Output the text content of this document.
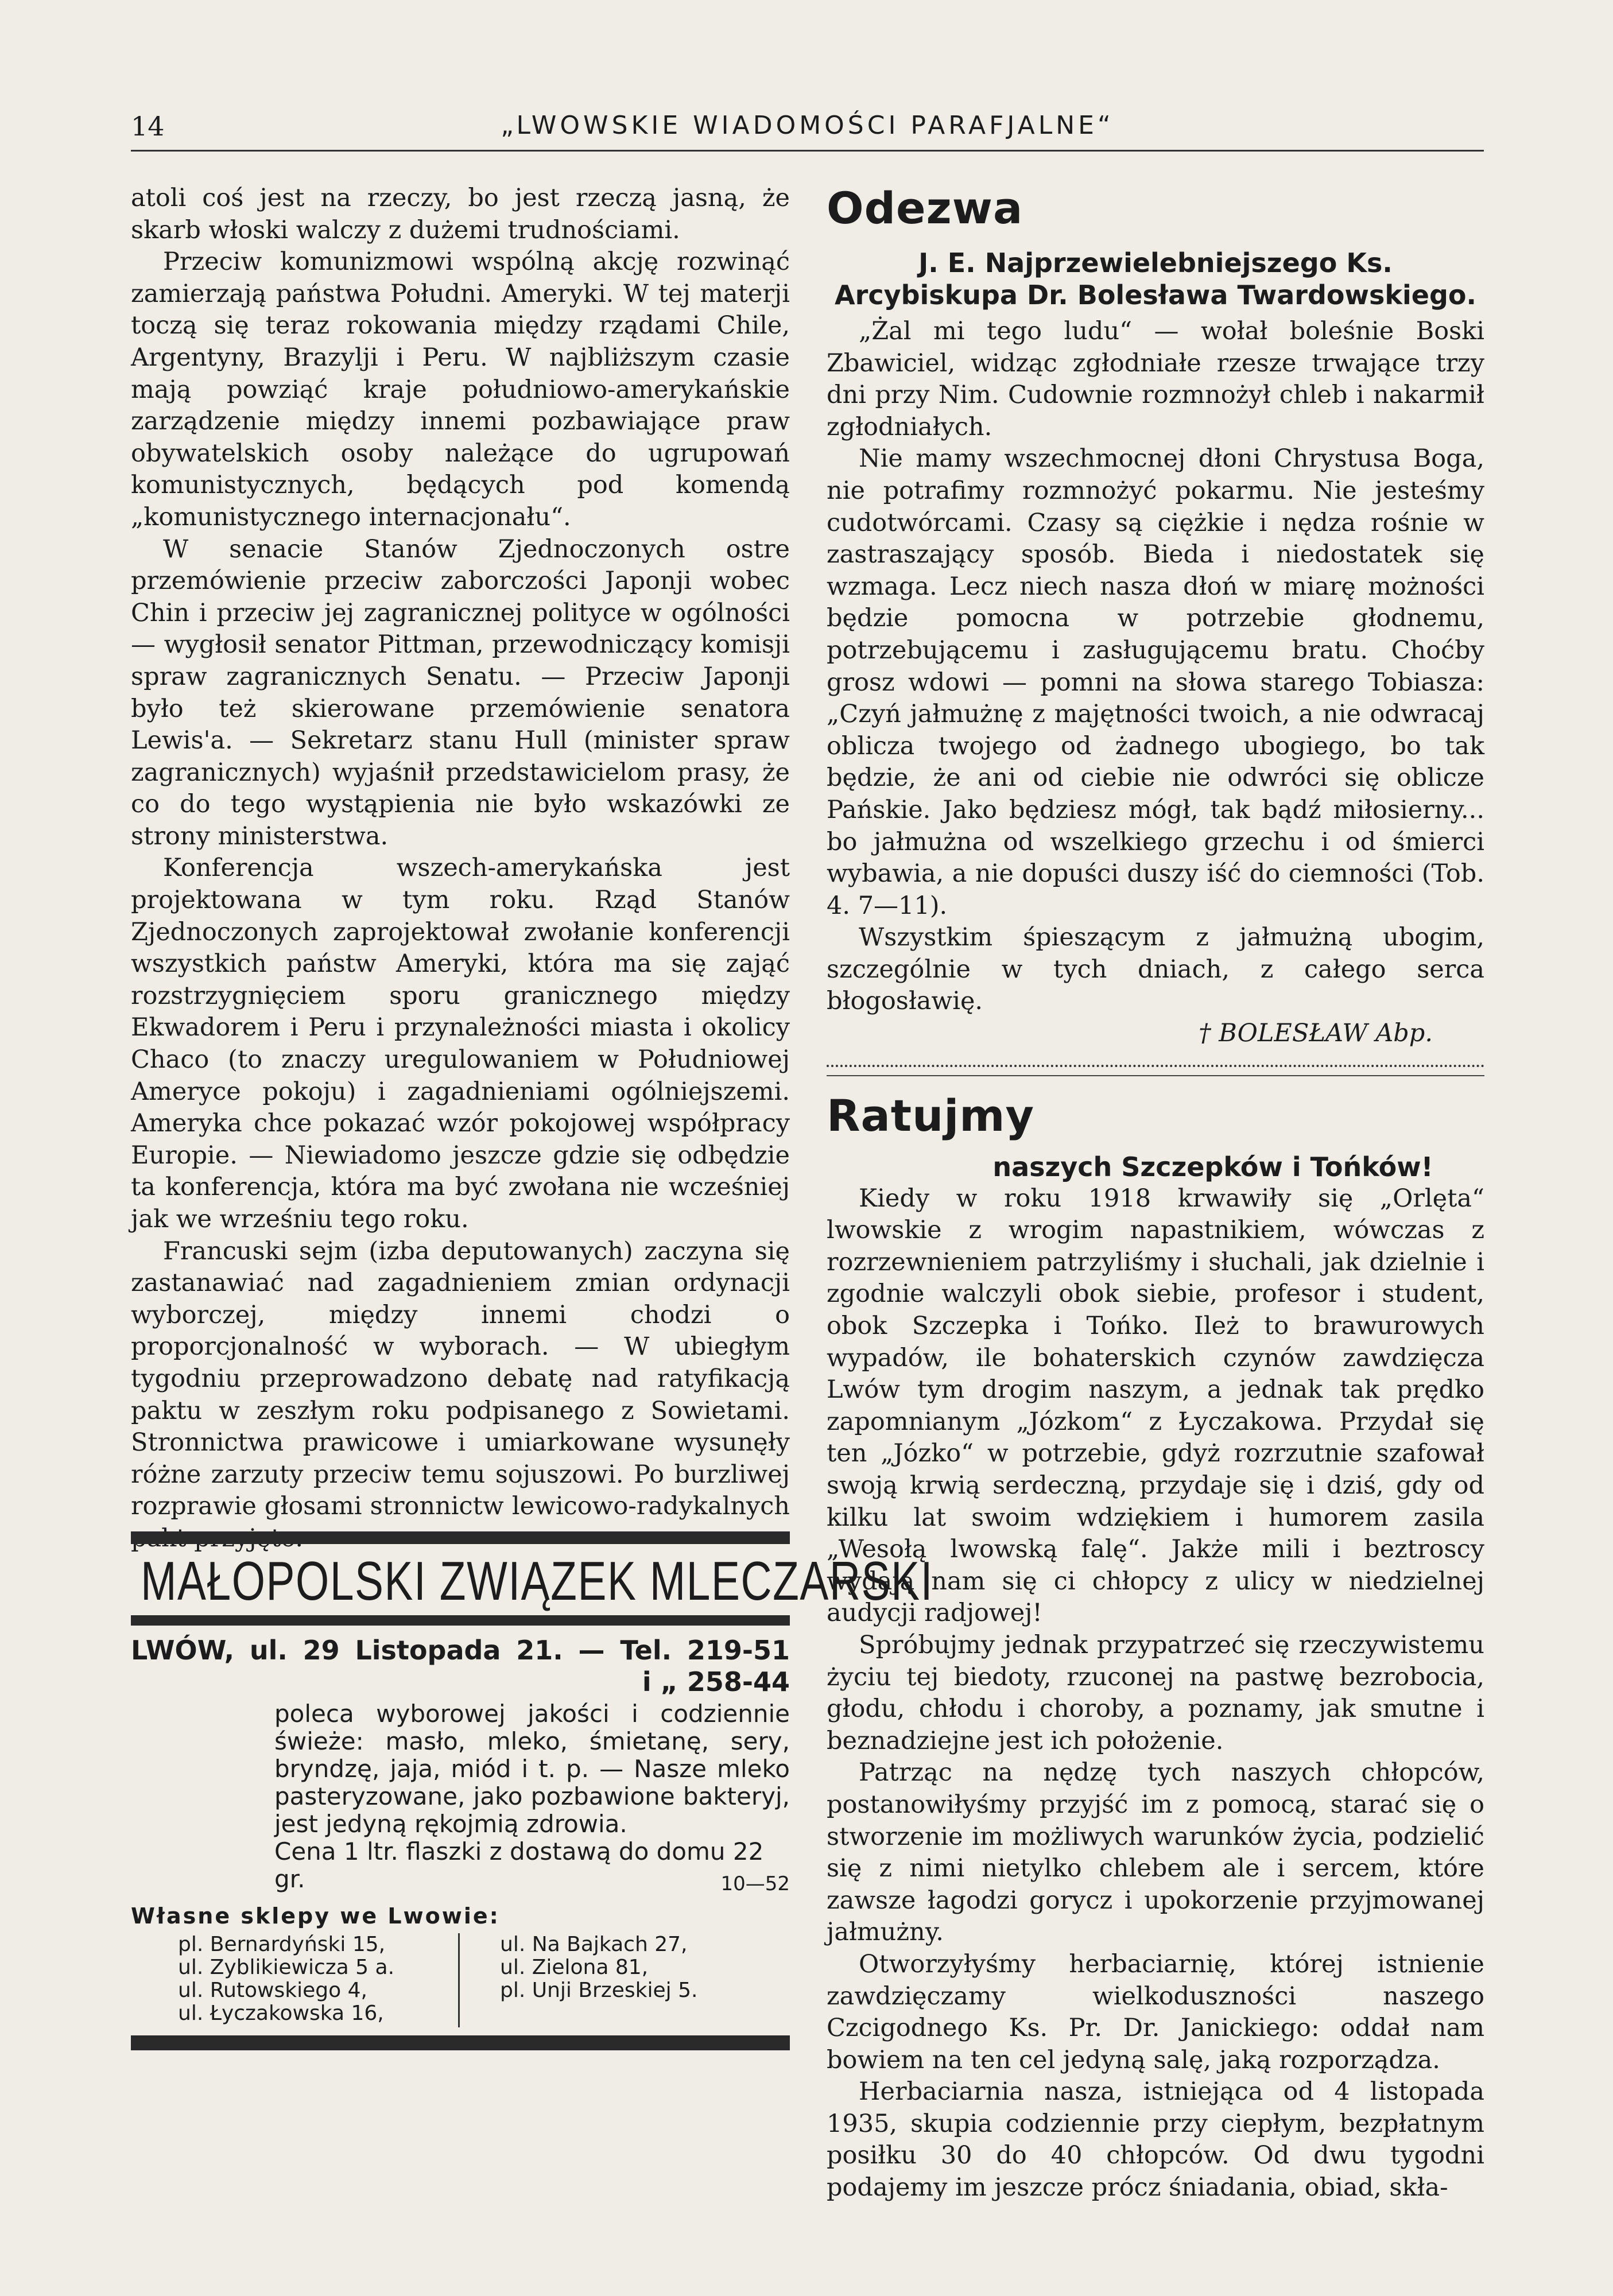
14	„LWOWSKIE WIADOMOŚCI PARAFJALNE“

atoli coś jest na rzeczy, bo jest rzeczą jasną, że skarb włoski walczy z dużemi trudnościami.

Przeciw komunizmowi wspólną akcję rozwinąć zamierzają państwa Południ. Ameryki. W tej materji toczą się teraz rokowania między rządami Chile, Argentyny, Brazylji i Peru. W najbliższym czasie mają powziąć kraje południowo-amerykańskie zarządzenie między innemi pozbawiające praw obywatelskich osoby należące do ugrupowań komunistycznych, będących pod komendą „komunistycznego internacjonału“.

W senacie Stanów Zjednoczonych ostre przemówienie przeciw zaborczości Japonji wobec Chin i przeciw jej zagranicznej polityce w ogólności — wygłosił senator Pittman, przewodniczący komisji spraw zagranicznych Senatu. — Przeciw Japonji było też skierowane przemówienie senatora Lewis'a. — Sekretarz stanu Hull (minister spraw zagranicznych) wyjaśnił przedstawicielom prasy, że co do tego wystąpienia nie było wskazówki ze strony ministerstwa.

Konferencja wszech-amerykańska jest projektowana w tym roku. Rząd Stanów Zjednoczonych zaprojektował zwołanie konferencji wszystkich państw Ameryki, która ma się zająć rozstrzygnięciem sporu granicznego między Ekwadorem i Peru i przynależności miasta i okolicy Chaco (to znaczy uregulowaniem w Południowej Ameryce pokoju) i zagadnieniami ogólniejszemi. Ameryka chce pokazać wzór pokojowej współpracy Europie. — Niewiadomo jeszcze gdzie się odbędzie ta konferencja, która ma być zwołana nie wcześniej jak we wrześniu tego roku.

Francuski sejm (izba deputowanych) zaczyna się zastanawiać nad zagadnieniem zmian ordynacji wyborczej, między innemi chodzi o proporcjonalność w wyborach. — W ubiegłym tygodniu przeprowadzono debatę nad ratyfikacją paktu w zeszłym roku podpisanego z Sowietami. Stronnictwa prawicowe i umiarkowane wysunęły różne zarzuty przeciw temu sojuszowi. Po burzliwej rozprawie głosami stronnictw lewicowo-radykalnych

MAŁOPOLSKI ZWIĄZEK MLECZARSKI
LWÓW, ul. 29 Listopada 21. — Tel. 219-51
i „ 258-44
poleca wyborowej jakości i codziennie świeże: masło, mleko, śmietanę, sery, bryndzę, jaja, miód i t. p. — Nasze mleko pasteryzowane, jako pozbawione bakteryj, jest jedyną rękojmią zdrowia.
Cena 1 ltr. flaszki z dostawą do domu 22 gr.	10—52
Własne sklepy we Lwowie:
pl. Bernardyński 15,
ul. Zyblikiewicza 5 a.
ul. Rutowskiego 4,
ul. Łyczakowska 16,
ul. Na Bajkach 27,
ul. Zielona 81,
pl. Unji Brzeskiej 5.
Odezwa
J. E. Najprzewielebniejszego Ks. Arcybiskupa Dr. Bolesława Twardowskiego.

„Żal mi tego ludu“ — wołał boleśnie Boski Zbawiciel, widząc zgłodniałe rzesze trwające trzy dni przy Nim. Cudownie rozmnożył chleb i nakarmił zgłodniałych.

Nie mamy wszechmocnej dłoni Chrystusa Boga, nie potrafimy rozmnożyć pokarmu. Nie jesteśmy cudotwórcami. Czasy są ciężkie i nędza rośnie w zastraszający sposób. Bieda i niedostatek się wzmaga. Lecz niech nasza dłoń w miarę możności będzie pomocna w potrzebie głodnemu, potrzebującemu i zasługującemu bratu. Choćby grosz wdowi — pomni na słowa starego Tobiasza: „Czyń jałmużnę z majętności twoich, a nie odwracaj oblicza twojego od żadnego ubogiego, bo tak będzie, że ani od ciebie nie odwróci się oblicze Pańskie. Jako będziesz mógł, tak bądź miłosierny... bo jałmużna od wszelkiego grzechu i od śmierci wybawia, a nie dopuści duszy iść do ciemności (Tob. 4. 7—11).

Wszystkim śpieszącym z jałmużną ubogim, szczególnie w tych dniach, z całego serca błogosławię.

† BOLESŁAW Abp.

Ratujmy
naszych Szczepków i Tońków!

Kiedy w roku 1918 krwawiły się „Orlęta“ lwowskie z wrogim napastnikiem, wówczas z rozrzewnieniem patrzyliśmy i słuchali, jak dzielnie i zgodnie walczyli obok siebie, profesor i student, obok Szczepka i Tońko. Ileż to brawurowych wypadów, ile bohaterskich czynów zawdzięcza Lwów tym drogim naszym, a jednak tak prędko zapomnianym „Józkom“ z Łyczakowa. Przydał się ten „Józko“ w potrzebie, gdyż rozrzutnie szafował swoją krwią serdeczną, przydaje się i dziś, gdy od kilku lat swoim wdziękiem i humorem zasila „Wesołą lwowską falę“. Jakże mili i beztroscy wydają nam się ci chłopcy z ulicy w niedzielnej audycji radjowej!

Spróbujmy jednak przypatrzeć się rzeczywistemu życiu tej biedoty, rzuconej na pastwę bezrobocia, głodu, chłodu i choroby, a poznamy, jak smutne i beznadziejne jest ich położenie.

Patrząc na nędzę tych naszych chłopców, postanowiłyśmy przyjść im z pomocą, starać się o stworzenie im możliwych warunków życia, podzielić się z nimi nietylko chlebem ale i sercem, które zawsze łagodzi gorycz i upokorzenie przyjmowanej jałmużny.

Otworzyłyśmy herbaciarnię, której istnienie zawdzięczamy wielkoduszności naszego Czcigodnego Ks. Pr. Dr. Janickiego: oddał nam bowiem na ten cel jedyną salę, jaką rozporządza.

Herbaciarnia nasza, istniejąca od 4 listopada 1935, skupia codziennie przy ciepłym, bezpłatnym posiłku 30 do 40 chłopców. Od dwu tygodni podajemy im jeszcze prócz śniadania, obiad, skła-
